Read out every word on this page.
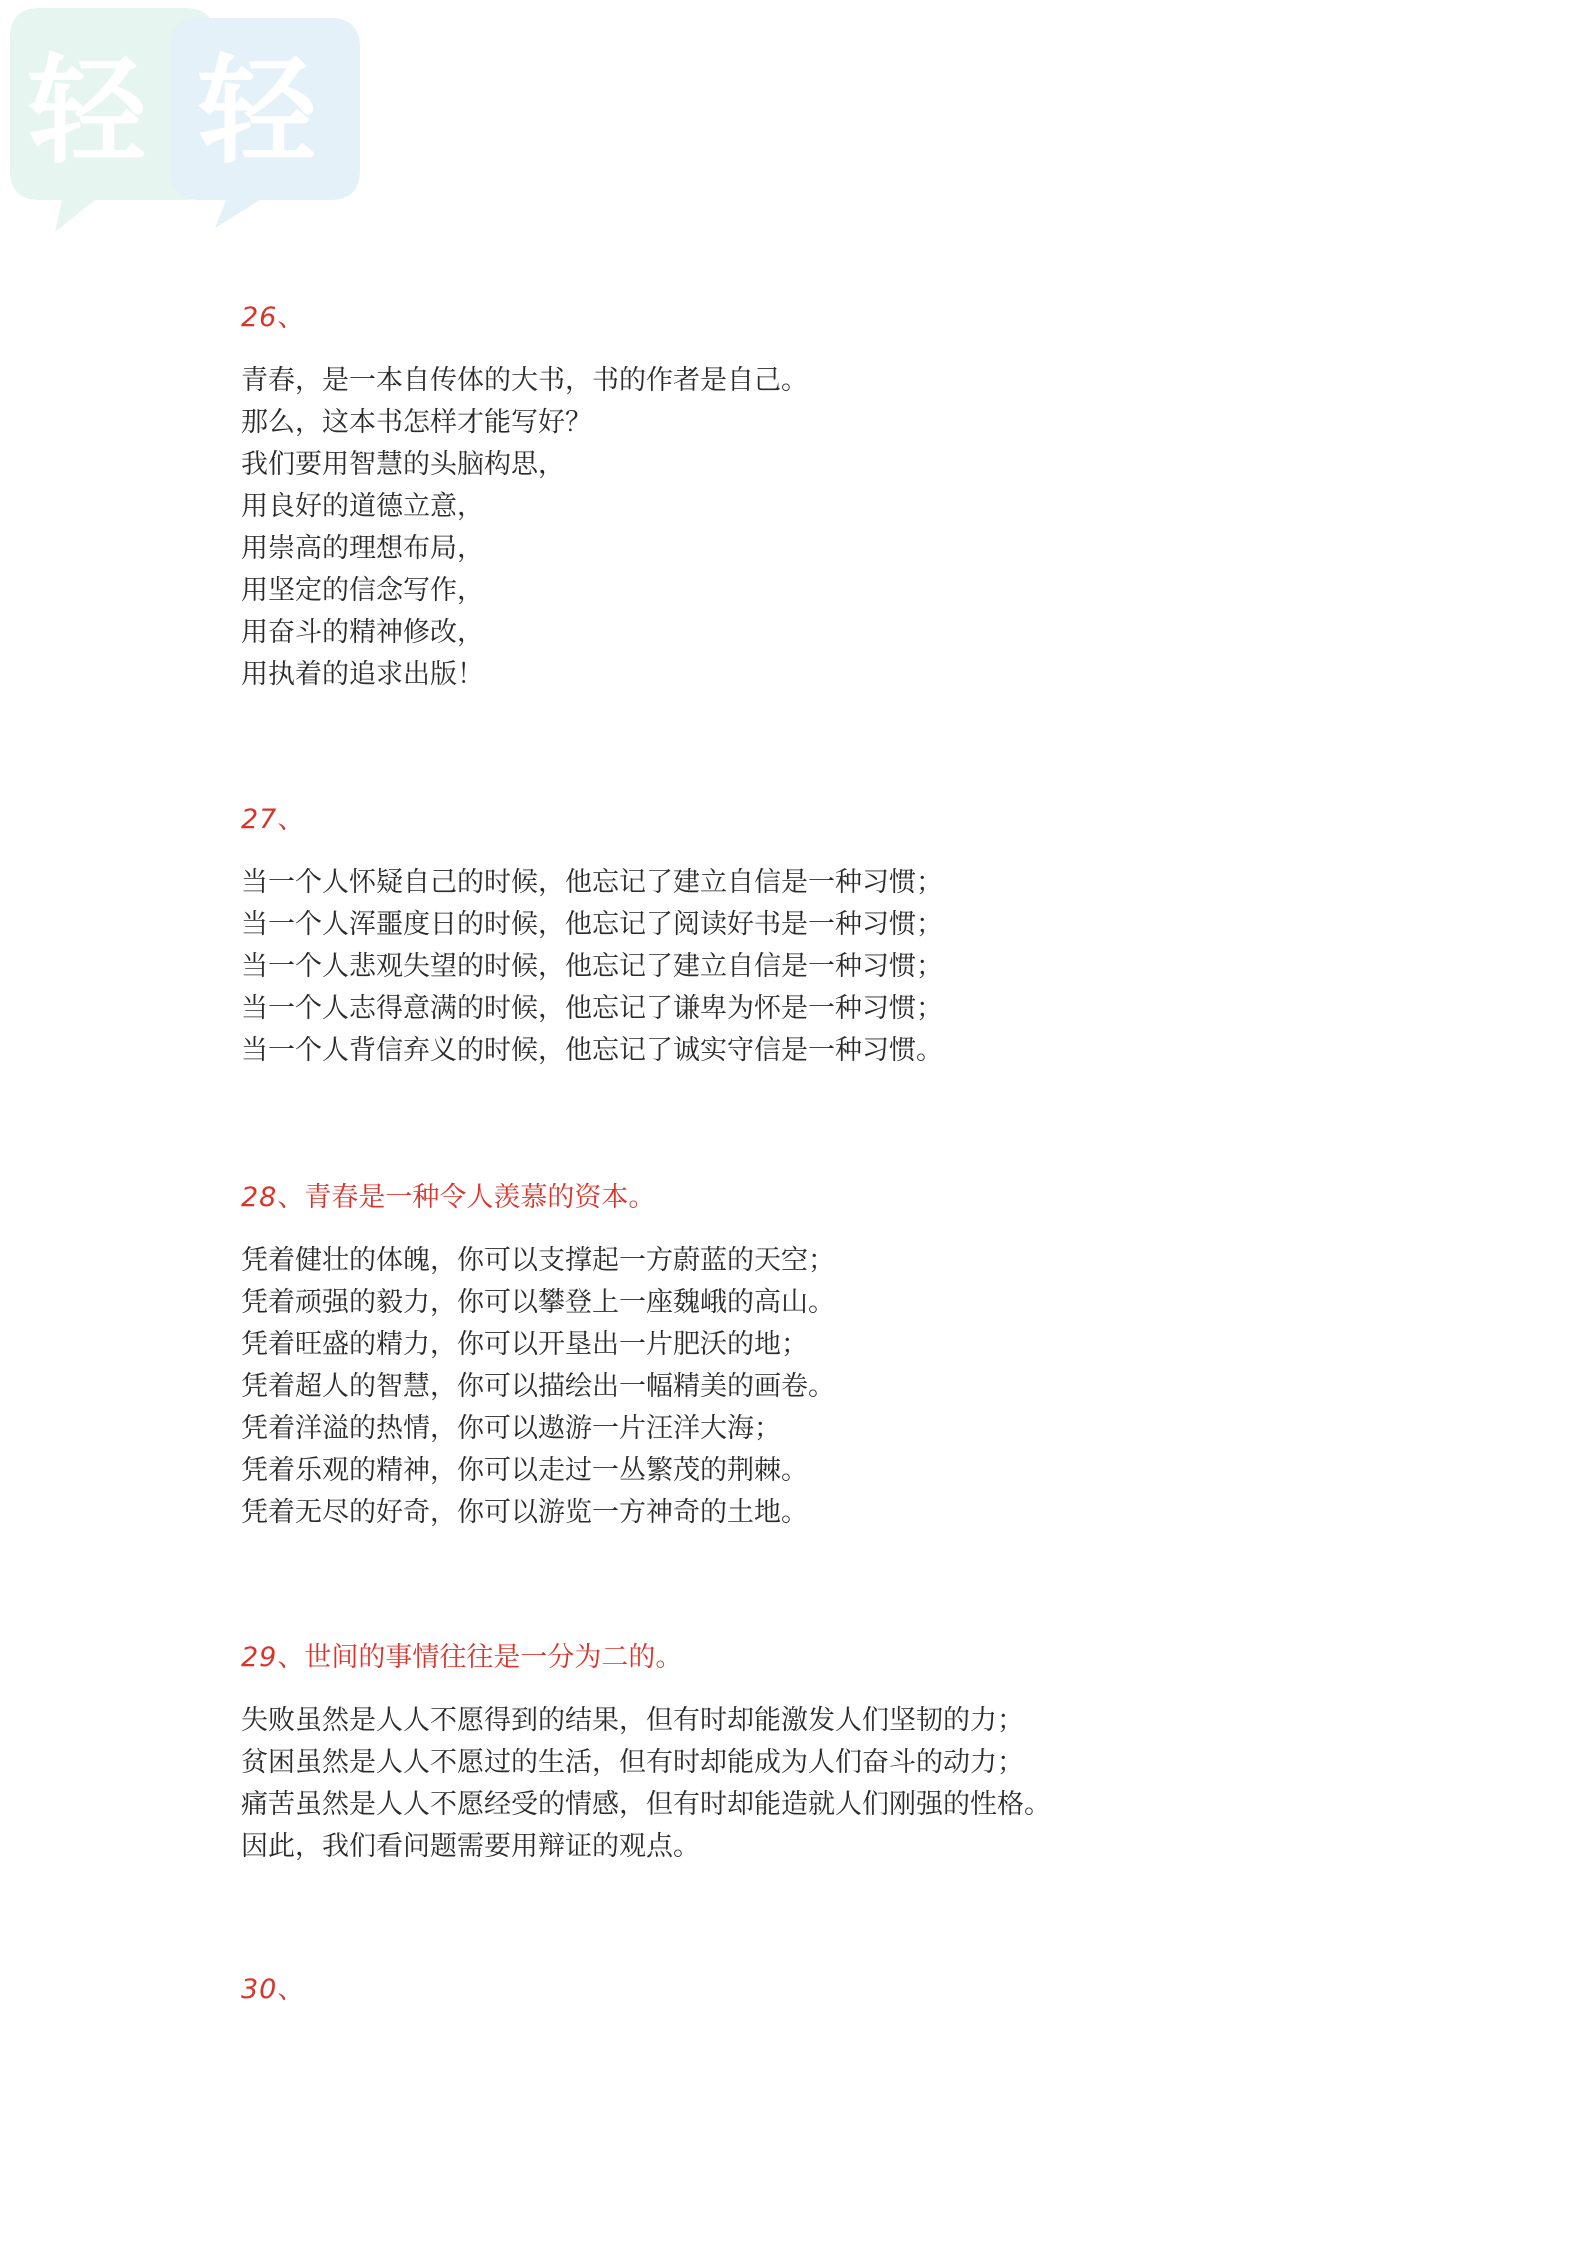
轻 轻

26、

青春，是一本自传体的大书，书的作者是自己。

那么，这本书怎样才能写好？

我们要用智慧的头脑构思，

用良好的道德立意，

用崇高的理想布局，

用坚定的信念写作，

用奋斗的精神修改，

用执着的追求出版！

27、

当一个人怀疑自己的时候，他忘记了建立自信是一种习惯；

当一个人浑噩度日的时候，他忘记了阅读好书是一种习惯；

当一个人悲观失望的时候，他忘记了建立自信是一种习惯；

当一个人志得意满的时候，他忘记了谦卑为怀是一种习惯；

当一个人背信弃义的时候，他忘记了诚实守信是一种习惯。

28、青春是一种令人羡慕的资本。

凭着健壮的体魄，你可以支撑起一方蔚蓝的天空；

凭着顽强的毅力，你可以攀登上一座魏峨的高山。

凭着旺盛的精力，你可以开垦出一片肥沃的地；

凭着超人的智慧，你可以描绘出一幅精美的画卷。

凭着洋溢的热情，你可以遨游一片汪洋大海；

凭着乐观的精神，你可以走过一丛繁茂的荆棘。

凭着无尽的好奇，你可以游览一方神奇的土地。

29、世间的事情往往是一分为二的。

失败虽然是人人不愿得到的结果，但有时却能激发人们坚韧的力；

贫困虽然是人人不愿过的生活，但有时却能成为人们奋斗的动力；

痛苦虽然是人人不愿经受的情感，但有时却能造就人们刚强的性格。

因此，我们看问题需要用辩证的观点。

30、
